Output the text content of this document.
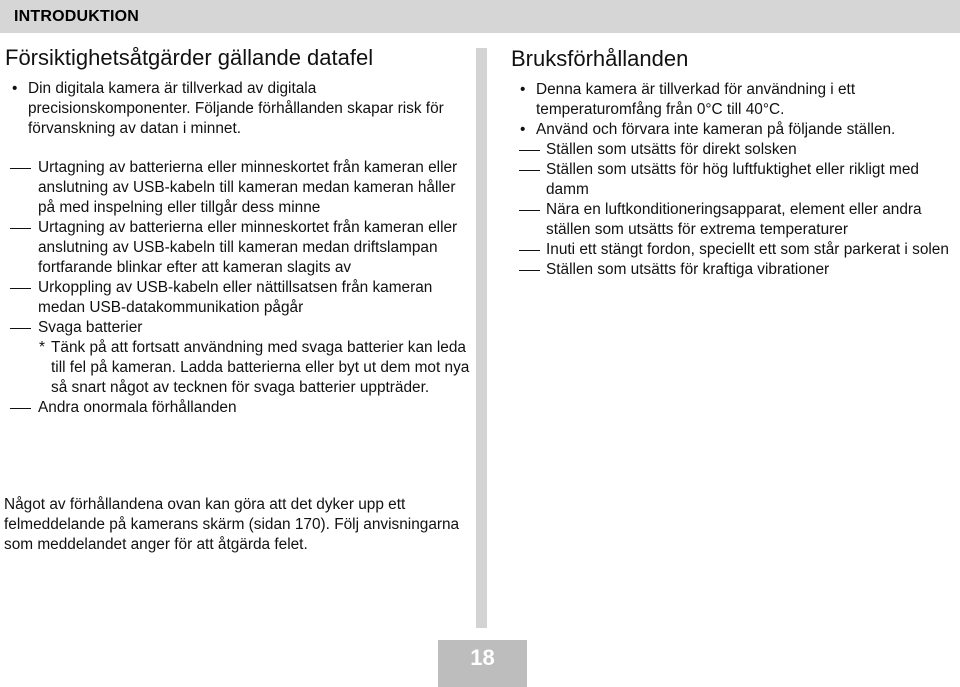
INTRODUKTION
Försiktighetsåtgärder gällande datafel
• Din digitala kamera är tillverkad av digitala precisionskomponenter. Följande förhållanden skapar risk för förvanskning av datan i minnet.
Urtagning av batterierna eller minneskortet från kameran eller anslutning av USB-kabeln till kameran medan kameran håller på med inspelning eller tillgår dess minne
Urtagning av batterierna eller minneskortet från kameran eller anslutning av USB-kabeln till kameran medan driftslampan fortfarande blinkar efter att kameran slagits av
Urkoppling av USB-kabeln eller nättillsatsen från kameran medan USB-datakommunikation pågår
Svaga batterier
* Tänk på att fortsatt användning med svaga batterier kan leda till fel på kameran. Ladda batterierna eller byt ut dem mot nya så snart något av tecknen för svaga batterier uppträder.
Andra onormala förhållanden
Något av förhållandena ovan kan göra att det dyker upp ett felmeddelande på kamerans skärm (sidan 170). Följ anvisningarna som meddelandet anger för att åtgärda felet.
Bruksförhållanden
• Denna kamera är tillverkad för användning i ett temperaturomfång från 0°C till 40°C.
• Använd och förvara inte kameran på följande ställen.
Ställen som utsätts för direkt solsken
Ställen som utsätts för hög luftfuktighet eller rikligt med damm
Nära en luftkonditioneringsapparat, element eller andra ställen som utsätts för extrema temperaturer
Inuti ett stängt fordon, speciellt ett som står parkerat i solen
Ställen som utsätts för kraftiga vibrationer
18
